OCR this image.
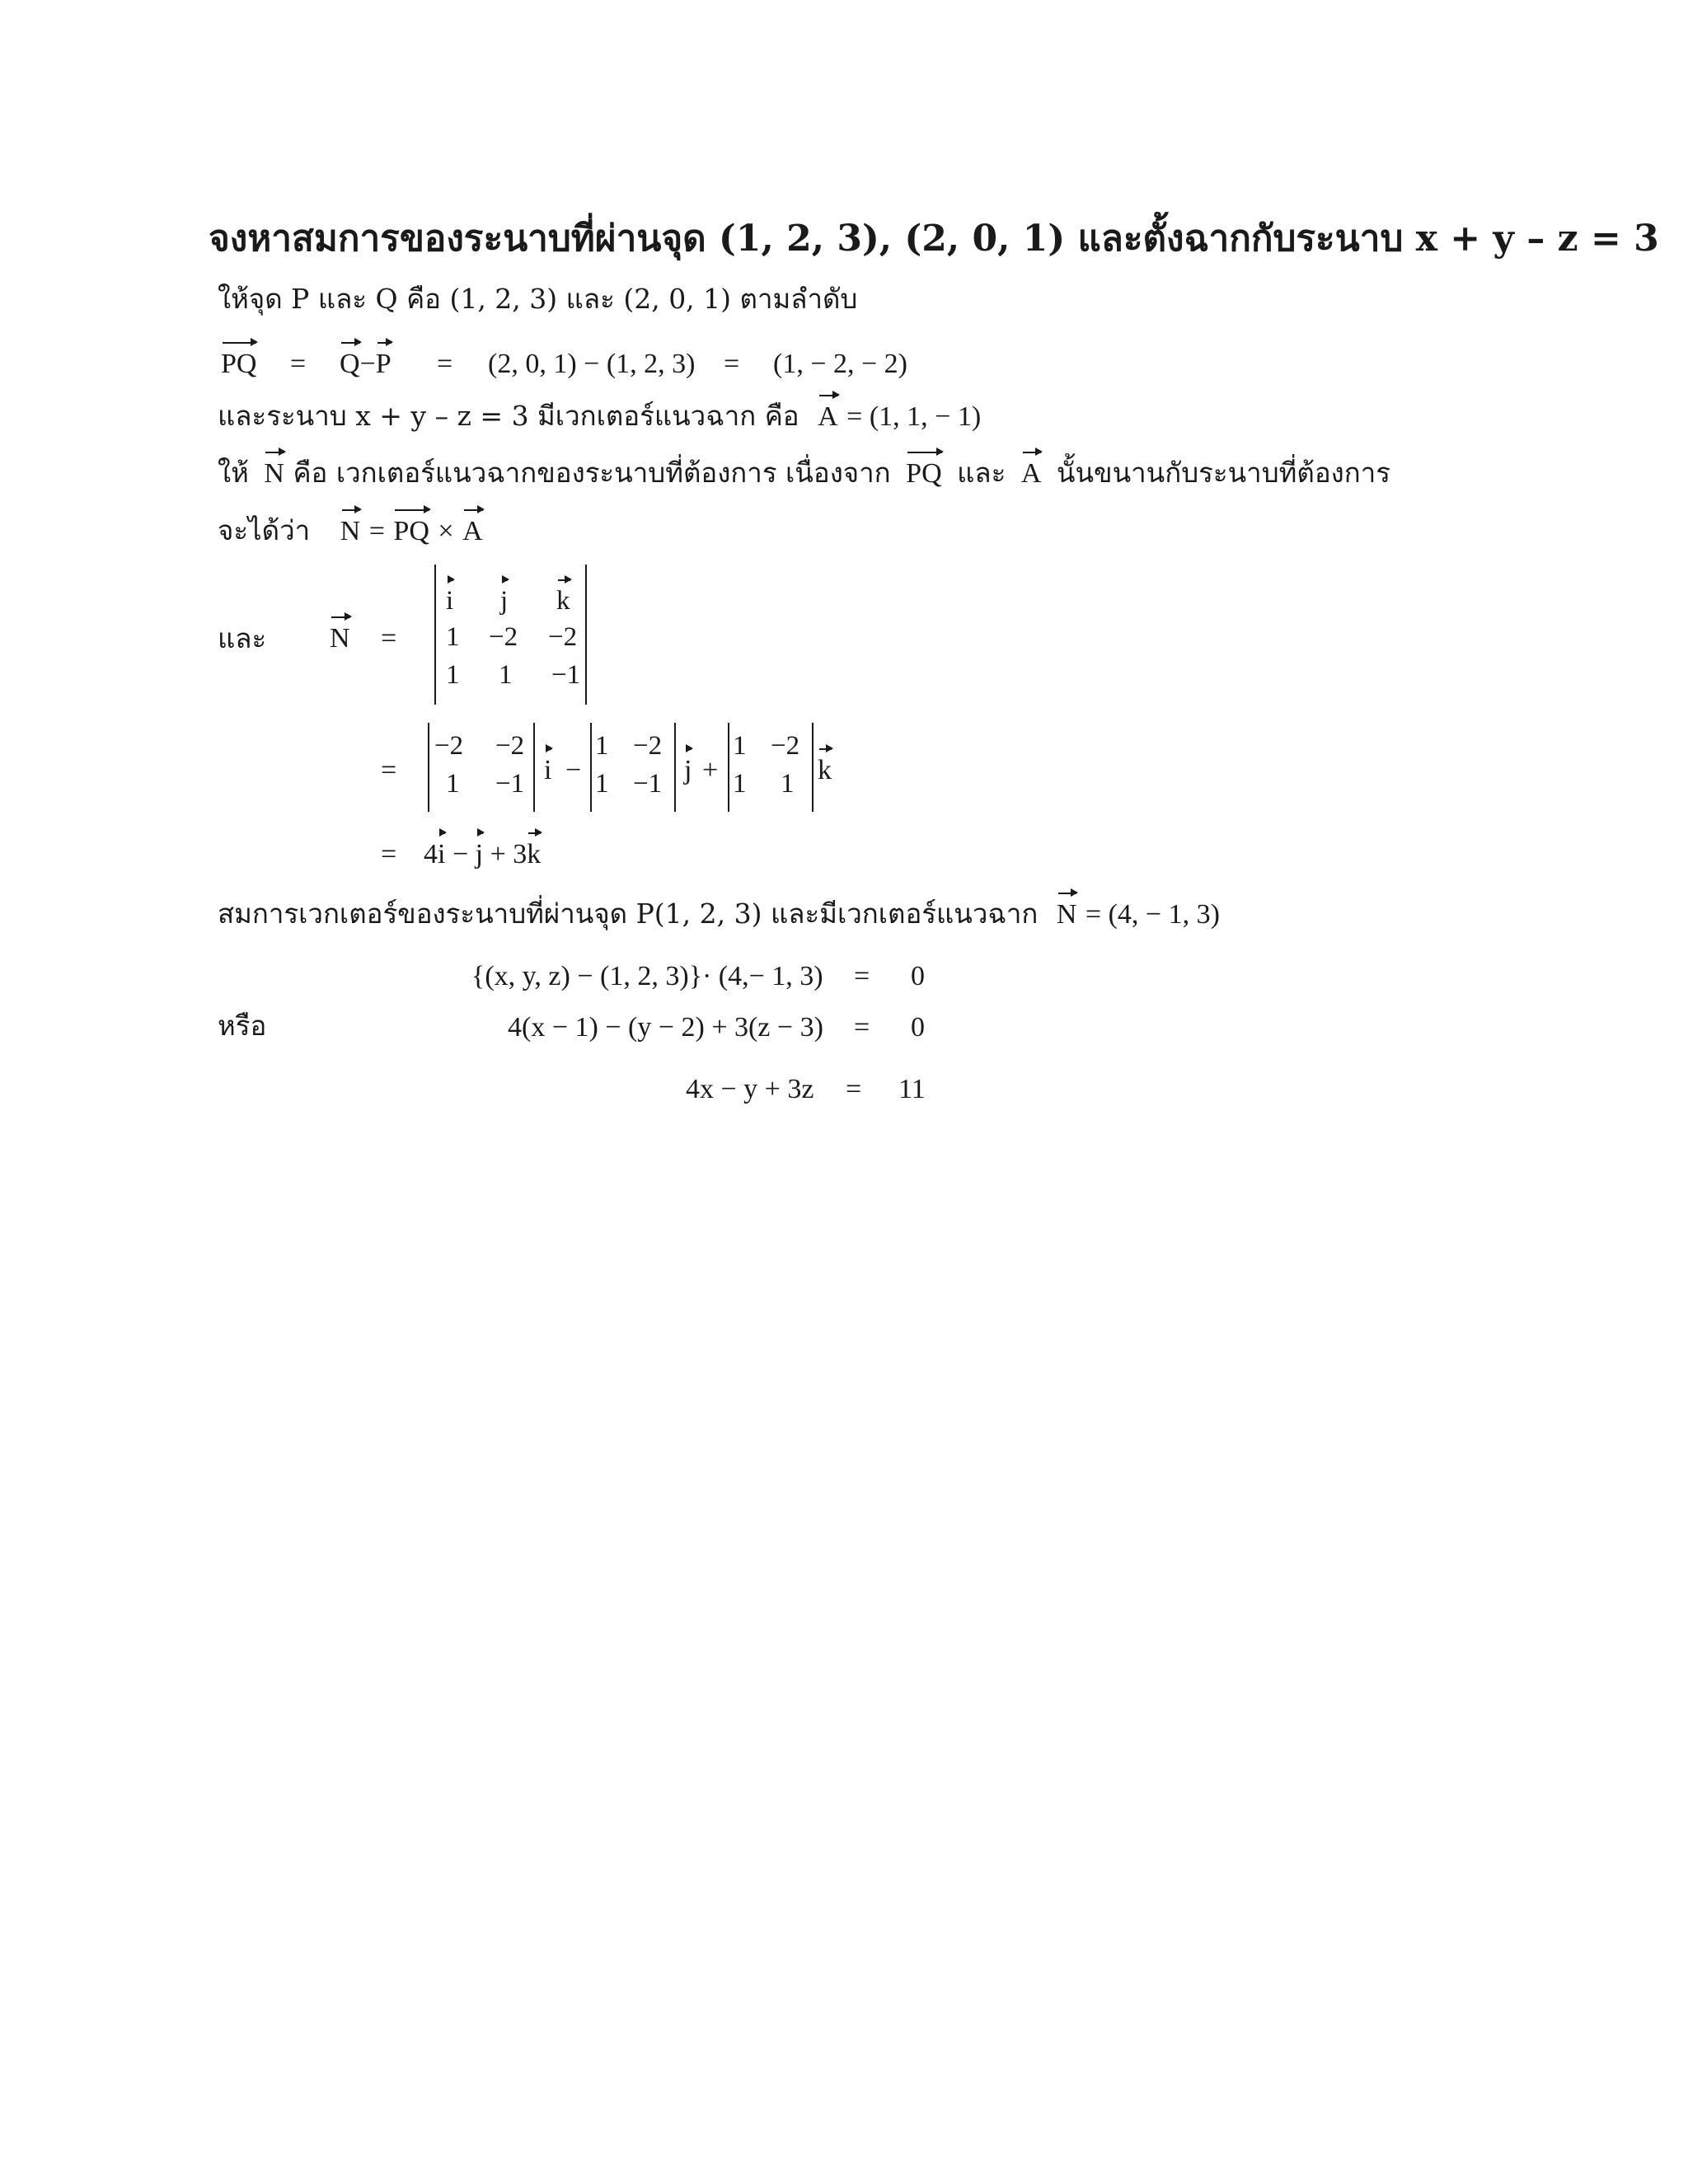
จงหาสมการของระนาบที่ผ่านจุด (1, 2, 3), (2, 0, 1) และตั้งฉากกับระนาบ x + y – z = 3
ให้จุด P และ Q คือ (1, 2, 3) และ (2, 0, 1) ตามลำดับ
PQ = Q−P = (2, 0, 1) − (1, 2, 3) = (1, − 2, − 2)
และระนาบ x + y – z = 3 มีเวกเตอร์แนวฉาก คือ A = (1, 1, − 1)
ให้ N คือ เวกเตอร์แนวฉากของระนาบที่ต้องการ เนื่องจาก PQ และ A นั้นขนานกับระนาบที่ต้องการ
จะได้ว่า N = PQ × A
และ N =
i j k
1 −2 −2
1 1 −1
=
−2 −2
1 −1 i −
1 −2
1 −1 j +
1 −2
1 1 k
= 4i − j + 3k
สมการเวกเตอร์ของระนาบที่ผ่านจุด P(1, 2, 3) และมีเวกเตอร์แนวฉาก N = (4, − 1, 3)
{(x, y, z) − (1, 2, 3)}· (4,− 1, 3) = 0
หรือ	4(x − 1) − (y − 2) + 3(z − 3) = 0
4x − y + 3z = 11
